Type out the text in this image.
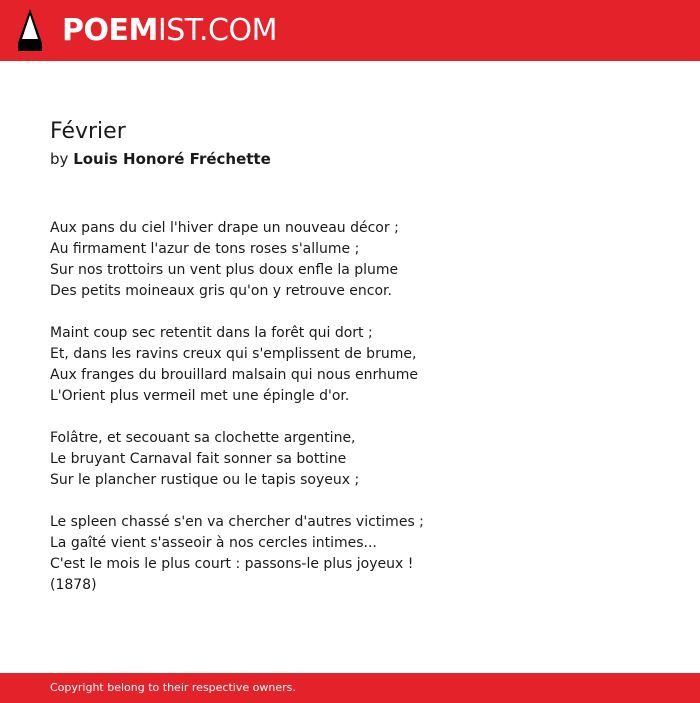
POEMIST.COM
Février
by Louis Honoré Fréchette
Aux pans du ciel l'hiver drape un nouveau décor ;
Au firmament l'azur de tons roses s'allume ;
Sur nos trottoirs un vent plus doux enfle la plume
Des petits moineaux gris qu'on y retrouve encor.
Maint coup sec retentit dans la forêt qui dort ;
Et, dans les ravins creux qui s'emplissent de brume,
Aux franges du brouillard malsain qui nous enrhume
L'Orient plus vermeil met une épingle d'or.
Folâtre, et secouant sa clochette argentine,
Le bruyant Carnaval fait sonner sa bottine
Sur le plancher rustique ou le tapis soyeux ;
Le spleen chassé s'en va chercher d'autres victimes ;
La gaîté vient s'asseoir à nos cercles intimes...
C'est le mois le plus court : passons-le plus joyeux !
(1878)
Copyright belong to their respective owners.
